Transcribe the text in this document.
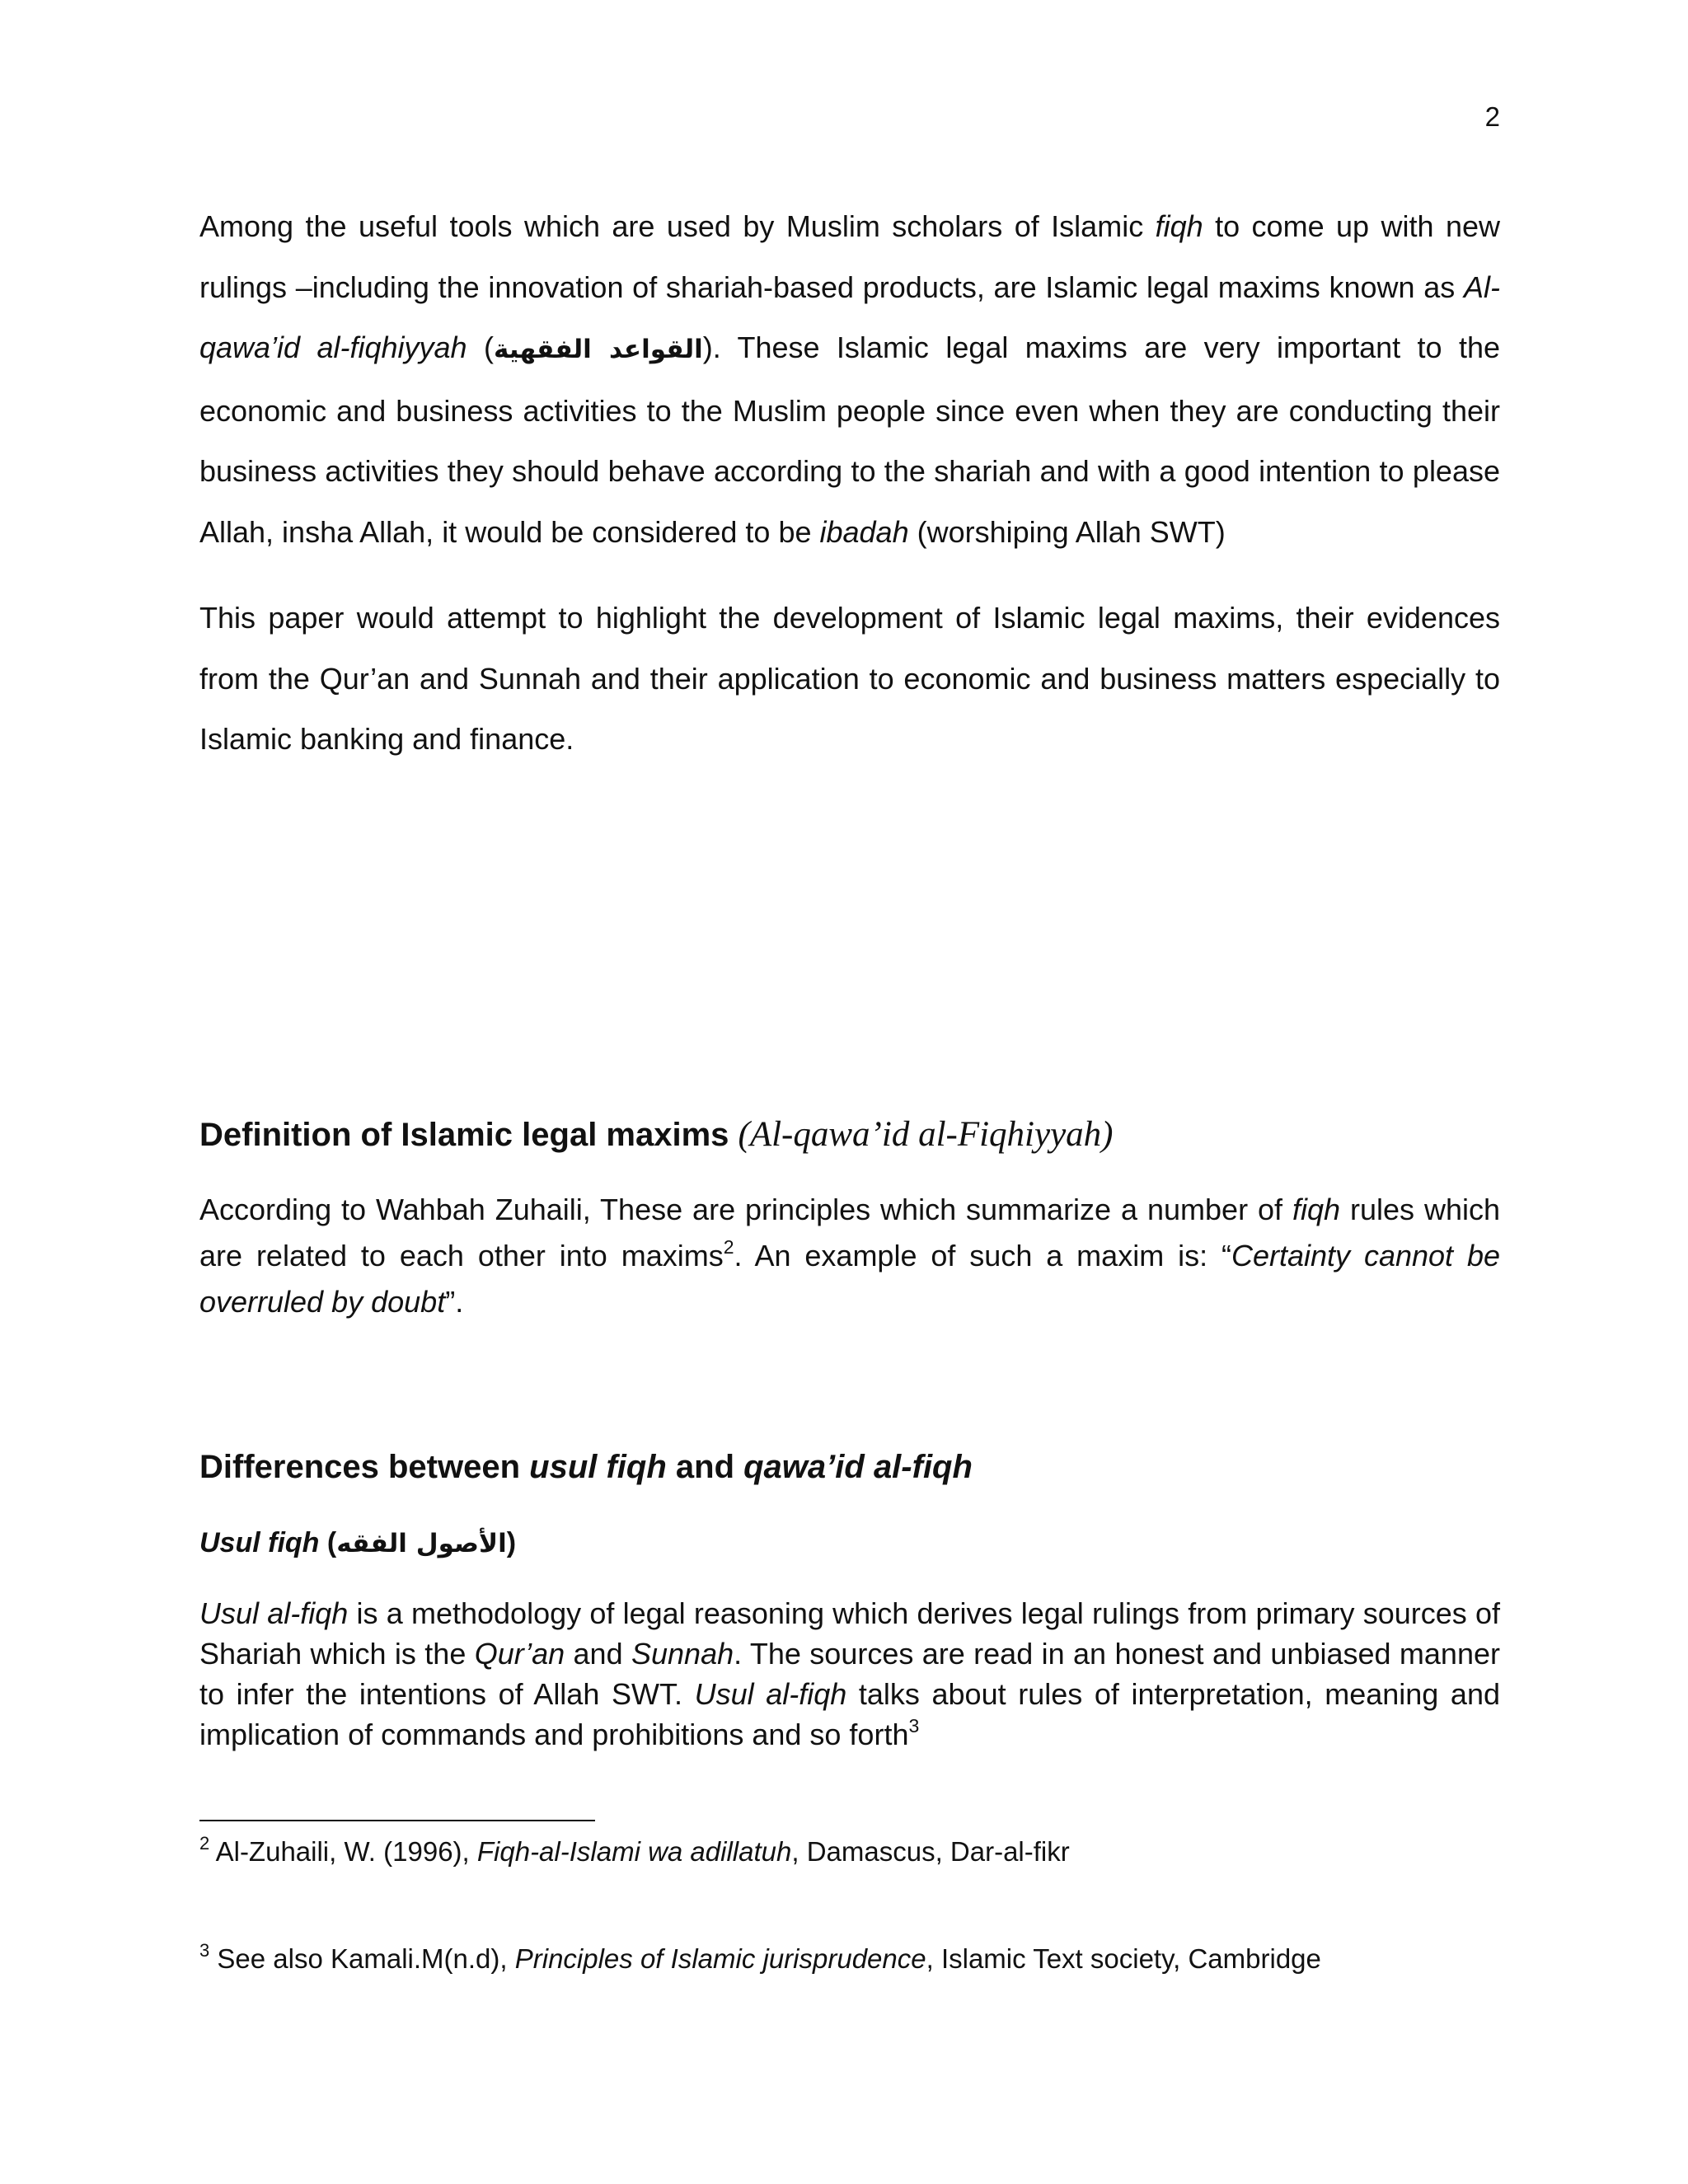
2

Among the useful tools which are used by Muslim scholars of Islamic fiqh to come up with new rulings –including the innovation of shariah-based products, are Islamic legal maxims known as Al-qawa’id al-fiqhiyyah (القواعد الفقهية). These Islamic legal maxims are very important to the economic and business activities to the Muslim people since even when they are conducting their business activities they should behave according to the shariah and with a good intention to please Allah, insha Allah, it would be considered to be ibadah (worshiping Allah SWT)

This paper would attempt to highlight the development of Islamic legal maxims, their evidences from the Qur’an and Sunnah and their application to economic and business matters especially to Islamic banking and finance.

Definition of Islamic legal maxims (Al-qawa’id al-Fiqhiyyah)

According to Wahbah Zuhaili, These are principles which summarize a number of fiqh rules which are related to each other into maxims$^2$. An example of such a maxim is: “Certainty cannot be overruled by doubt”.

Differences between usul fiqh and qawa’id al-fiqh
Usul fiqh (الأصول الفقه)

Usul al-fiqh is a methodology of legal reasoning which derives legal rulings from primary sources of Shariah which is the Qur’an and Sunnah. The sources are read in an honest and unbiased manner to infer the intentions of Allah SWT. Usul al-fiqh talks about rules of interpretation, meaning and implication of commands and prohibitions and so forth$^3$

$^2$ Al-Zuhaili, W. (1996), Fiqh-al-Islami wa adillatuh, Damascus, Dar-al-fikr

$^3$ See also Kamali.M(n.d), Principles of Islamic jurisprudence, Islamic Text society, Cambridge
